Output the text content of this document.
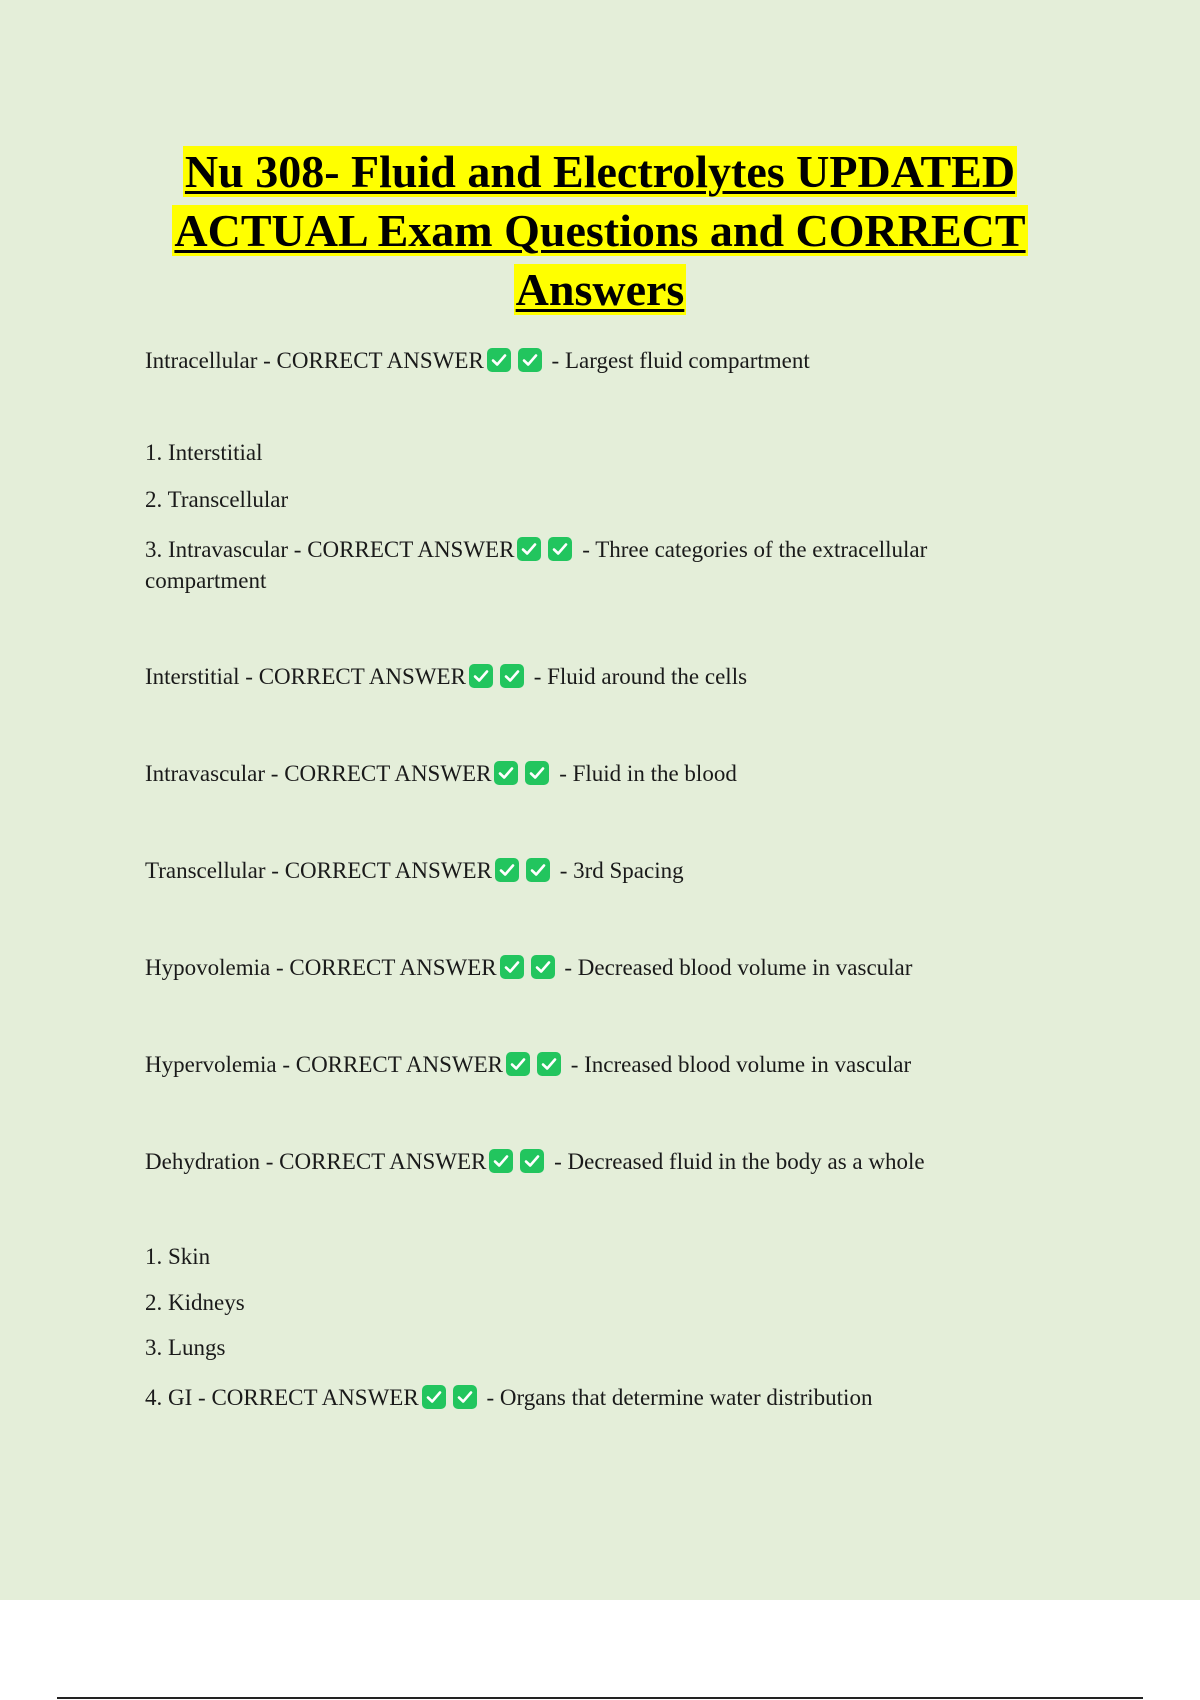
Nu 308- Fluid and Electrolytes UPDATED
ACTUAL Exam Questions and CORRECT
Answers

Intracellular - CORRECT ANSWER	- Largest fluid compartment

1. Interstitial

2. Transcellular

3. Intravascular - CORRECT ANSWER	- Three categories of the extracellular compartment

Interstitial - CORRECT ANSWER	- Fluid around the cells

Intravascular - CORRECT ANSWER	- Fluid in the blood

Transcellular - CORRECT ANSWER	- 3rd Spacing

Hypovolemia - CORRECT ANSWER	- Decreased blood volume in vascular

Hypervolemia - CORRECT ANSWER	- Increased blood volume in vascular

Dehydration - CORRECT ANSWER	- Decreased fluid in the body as a whole

1. Skin

2. Kidneys

3. Lungs

4. GI - CORRECT ANSWER	- Organs that determine water distribution
